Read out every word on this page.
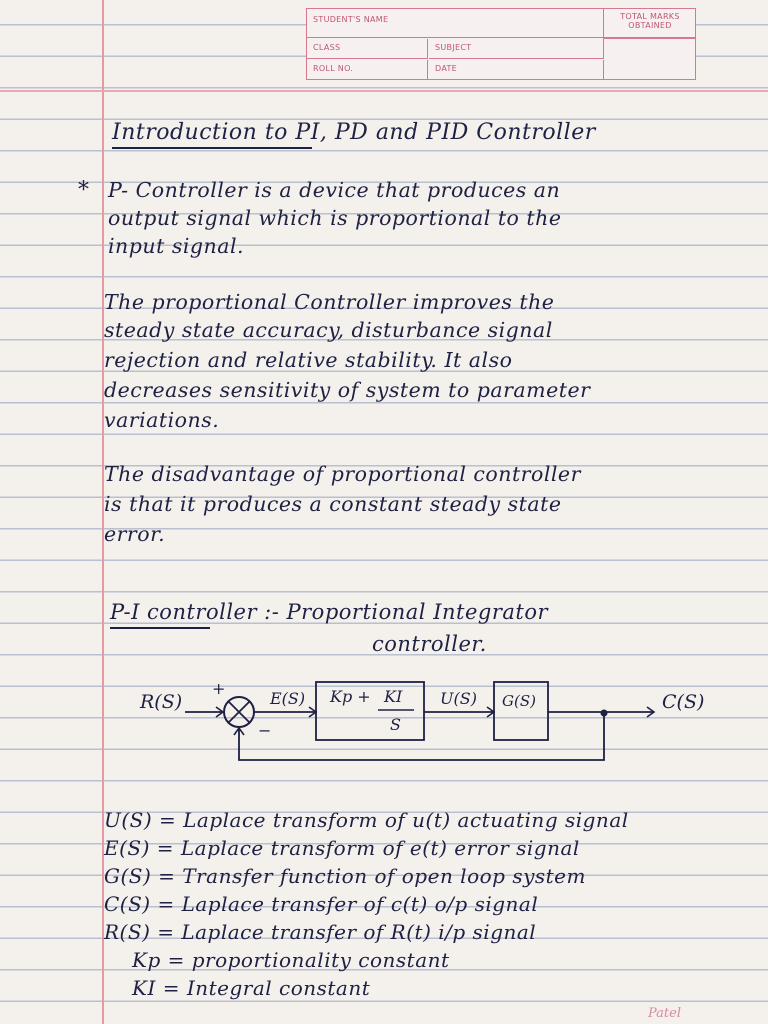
STUDENT'S NAME	TOTAL MARKS OBTAINED
CLASS	SUBJECT
ROLL NO.	DATE
Introduction to PI, PD and PID Controller
* P- Controller is a device that produces an
output signal which is proportional to the
input signal.
The proportional Controller improves the
steady state accuracy, disturbance signal
rejection and relative stability. It also
decreases sensitivity of system to parameter
variations.
The disadvantage of proportional controller
is that it produces a constant steady state
error.
P-I controller :- Proportional Integrator
controller.
R(S)
+
−
E(S) Kp + KI
S
U(S) G(S)	C(S)
U(S) = Laplace transform of u(t) actuating signal
E(S) = Laplace transform of e(t) error signal
G(S) = Transfer function of open loop system
C(S) = Laplace transfer of c(t) o/p signal
R(S) = Laplace transfer of R(t) i/p signal
Kp = proportionality constant
KI = Integral constant
Patel
